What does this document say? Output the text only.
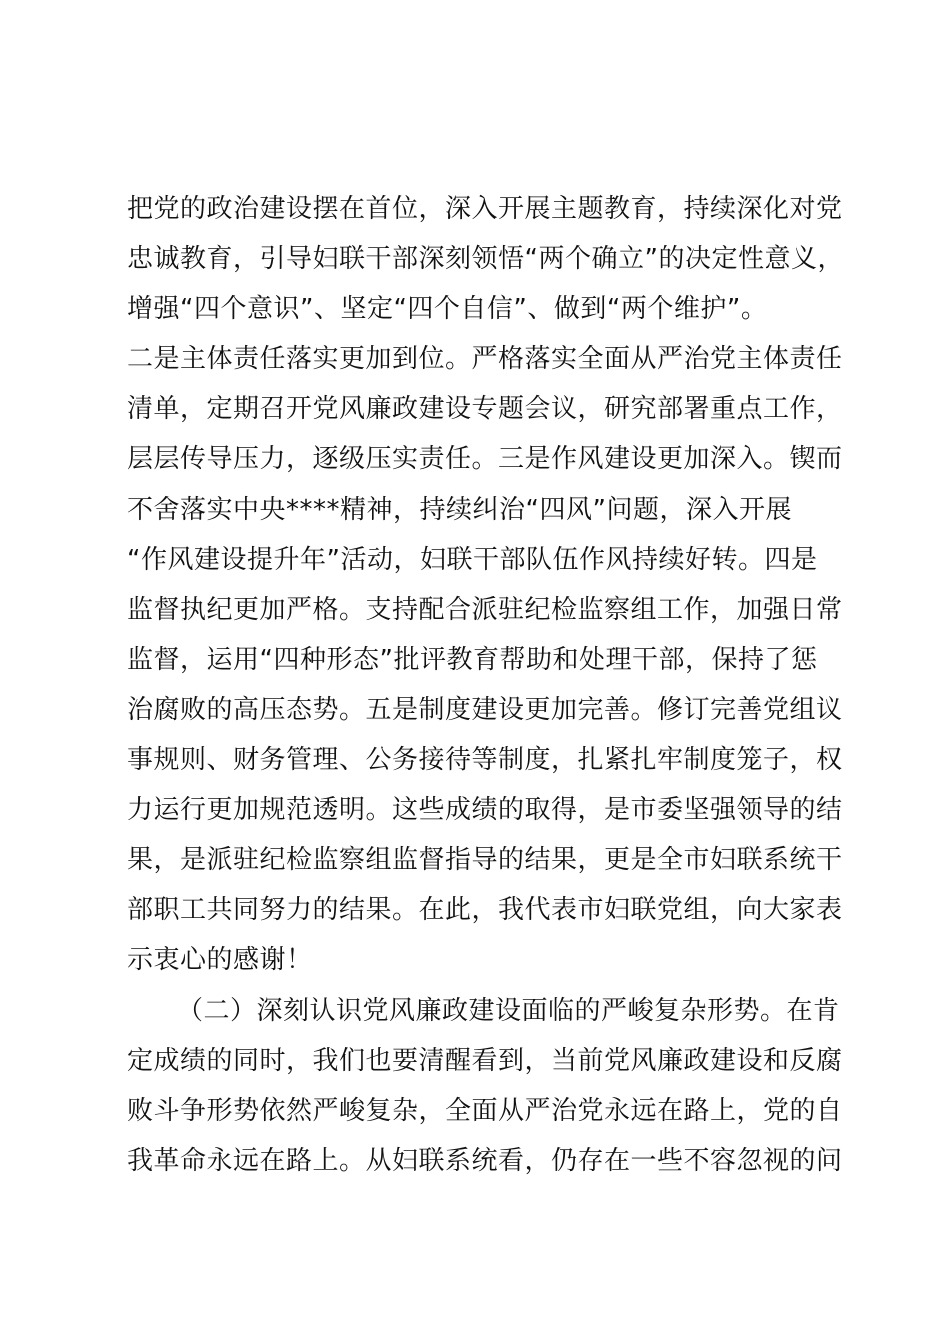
把党的政治建设摆在首位，深入开展主题教育，持续深化对党
忠诚教育，引导妇联干部深刻领悟“两个确立”的决定性意义，
增强“四个意识”、坚定“四个自信”、做到“两个维护”。
二是主体责任落实更加到位。严格落实全面从严治党主体责任
清单，定期召开党风廉政建设专题会议，研究部署重点工作，
层层传导压力，逐级压实责任。三是作风建设更加深入。锲而
不舍落实中央****精神，持续纠治“四风”问题，深入开展
“作风建设提升年”活动，妇联干部队伍作风持续好转。四是
监督执纪更加严格。支持配合派驻纪检监察组工作，加强日常
监督，运用“四种形态”批评教育帮助和处理干部，保持了惩
治腐败的高压态势。五是制度建设更加完善。修订完善党组议
事规则、财务管理、公务接待等制度，扎紧扎牢制度笼子，权
力运行更加规范透明。这些成绩的取得，是市委坚强领导的结
果，是派驻纪检监察组监督指导的结果，更是全市妇联系统干
部职工共同努力的结果。在此，我代表市妇联党组，向大家表
示衷心的感谢！
（二）深刻认识党风廉政建设面临的严峻复杂形势。在肯
定成绩的同时，我们也要清醒看到，当前党风廉政建设和反腐
败斗争形势依然严峻复杂，全面从严治党永远在路上，党的自
我革命永远在路上。从妇联系统看，仍存在一些不容忽视的问
